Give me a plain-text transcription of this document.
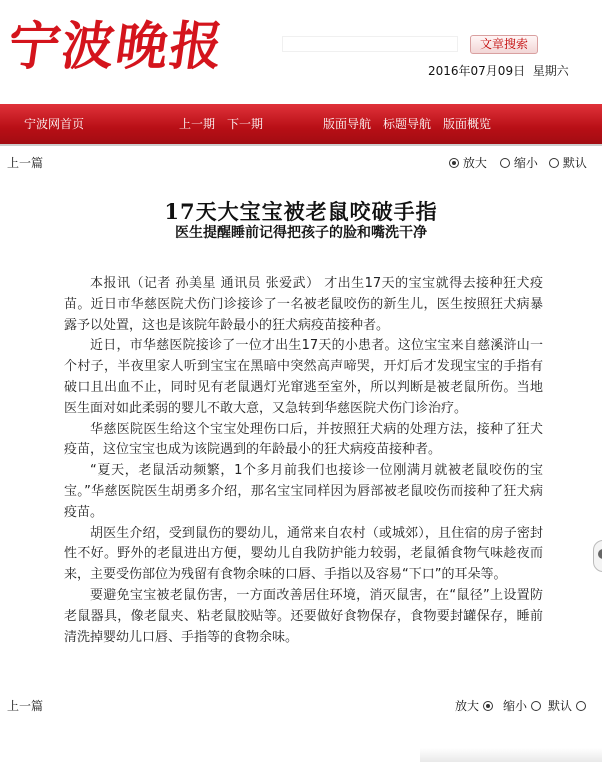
宁波晚报	文章搜索
2016年07月09日 星期六
宁波网首页	上一期 下一期	版面导航 标题导航 版面概览
上一篇	放大	缩小	默认
17天大宝宝被老鼠咬破手指
医生提醒睡前记得把孩子的脸和嘴洗干净

本报讯（记者 孙美星 通讯员 张爱武） 才出生17天的宝宝就得去接种狂犬疫苗。近日市华慈医院犬伤门诊接诊了一名被老鼠咬伤的新生儿，医生按照狂犬病暴露予以处置，这也是该院年龄最小的狂犬病疫苗接种者。

近日，市华慈医院接诊了一位才出生17天的小患者。这位宝宝来自慈溪浒山一个村子，半夜里家人听到宝宝在黑暗中突然高声啼哭，开灯后才发现宝宝的手指有破口且出血不止，同时见有老鼠遇灯光窜逃至室外，所以判断是被老鼠所伤。当地医生面对如此柔弱的婴儿不敢大意，又急转到华慈医院犬伤门诊治疗。

华慈医院医生给这个宝宝处理伤口后，并按照狂犬病的处理方法，接种了狂犬疫苗，这位宝宝也成为该院遇到的年龄最小的狂犬病疫苗接种者。

“夏天，老鼠活动频繁，1个多月前我们也接诊一位刚满月就被老鼠咬伤的宝宝。”华慈医院医生胡勇多介绍，那名宝宝同样因为唇部被老鼠咬伤而接种了狂犬病疫苗。

胡医生介绍，受到鼠伤的婴幼儿，通常来自农村（或城郊），且住宿的房子密封性不好。野外的老鼠进出方便，婴幼儿自我防护能力较弱，老鼠循食物气味趁夜而来，主要受伤部位为残留有食物余味的口唇、手指以及容易“下口”的耳朵等。

要避免宝宝被老鼠伤害，一方面改善居住环境，消灭鼠害，在“鼠径”上设置防老鼠器具，像老鼠夹、粘老鼠胶贴等。还要做好食物保存，食物要封罐保存，睡前清洗掉婴幼儿口唇、手指等的食物余味。

上一篇	放大	缩小	默认
